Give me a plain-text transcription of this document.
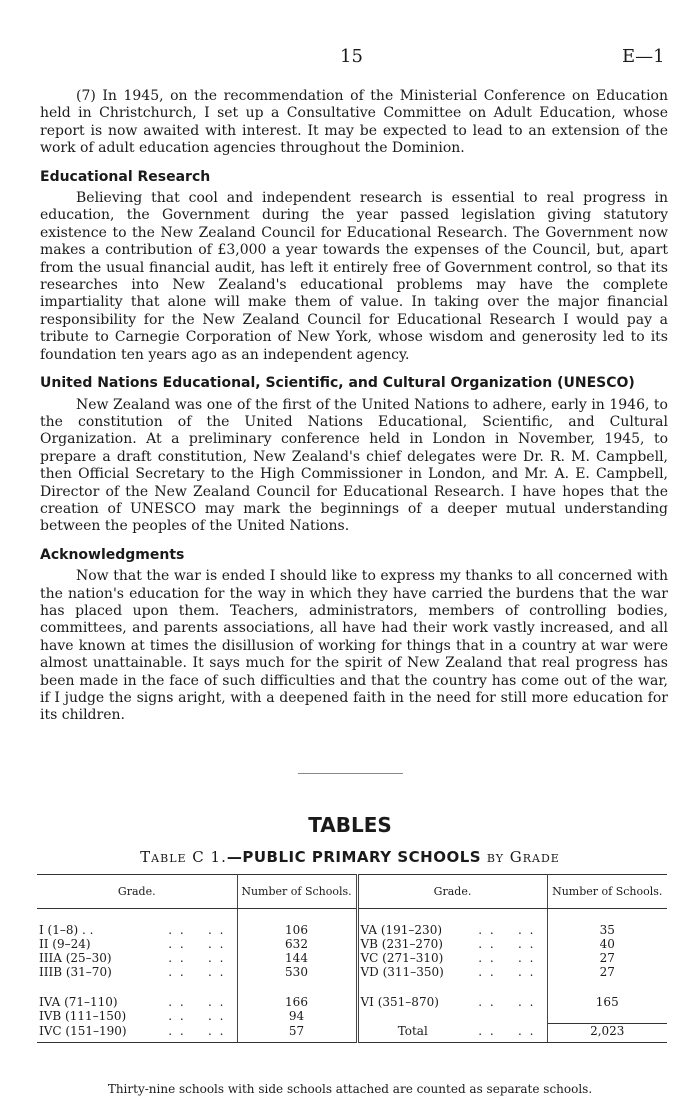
15	E—1

(7) In 1945, on the recommendation of the Ministerial Conference on Education held in Christchurch, I set up a Consultative Committee on Adult Education, whose report is now awaited with interest. It may be expected to lead to an extension of the work of adult education agencies throughout the Dominion.

Educational Research

Believing that cool and independent research is essential to real progress in education, the Government during the year passed legislation giving statutory existence to the New Zealand Council for Educational Research. The Government now makes a contribution of £3,000 a year towards the expenses of the Council, but, apart from the usual financial audit, has left it entirely free of Government control, so that its researches into New Zealand's educational problems may have the complete impartiality that alone will make them of value. In taking over the major financial responsibility for the New Zealand Council for Educational Research I would pay a tribute to Carnegie Corporation of New York, whose wisdom and generosity led to its foundation ten years ago as an independent agency.

United Nations Educational, Scientific, and Cultural Organization (UNESCO)

New Zealand was one of the first of the United Nations to adhere, early in 1946, to the constitution of the United Nations Educational, Scientific, and Cultural Organization. At a preliminary conference held in London in November, 1945, to prepare a draft constitution, New Zealand's chief delegates were Dr. R. M. Campbell, then Official Secretary to the High Commissioner in London, and Mr. A. E. Campbell, Director of the New Zealand Council for Educational Research. I have hopes that the creation of UNESCO may mark the beginnings of a deeper mutual understanding between the peoples of the United Nations.

Acknowledgments

Now that the war is ended I should like to express my thanks to all concerned with the nation's education for the way in which they have carried the burdens that the war has placed upon them. Teachers, administrators, members of controlling bodies, committees, and parents associations, all have had their work vastly increased, and all have known at times the disillusion of working for things that in a country at war were almost unattainable. It says much for the spirit of New Zealand that real progress has been made in the face of such difficulties and that the country has come out of the war, if I judge the signs aright, with a deepened faith in the need for still more education for its children.

TABLES
Table C 1.—PUBLIC PRIMARY SCHOOLS by Grade
Grade.			Number of Schools.	Grade.			Number of Schools.
I (1–8) . .	. .	. .	106	VA (191–230)	. .	. .	35
II (9–24)	. .	. .	632	VB (231–270)	. .	. .	40
IIIA (25–30)	. .	. .	144	VC (271–310)	. .	. .	27
IIIB (31–70)	. .	. .	530	VD (311–350)	. .	. .	27

IVA (71–110)	. .	. .	166	VI (351–870)	. .	. .	165
IVB (111–150)	. .	. .	94				
IVC (151–190)	. .	. .	57	Total	. .	. .	2,023
Thirty-nine schools with side schools attached are counted as separate schools.
